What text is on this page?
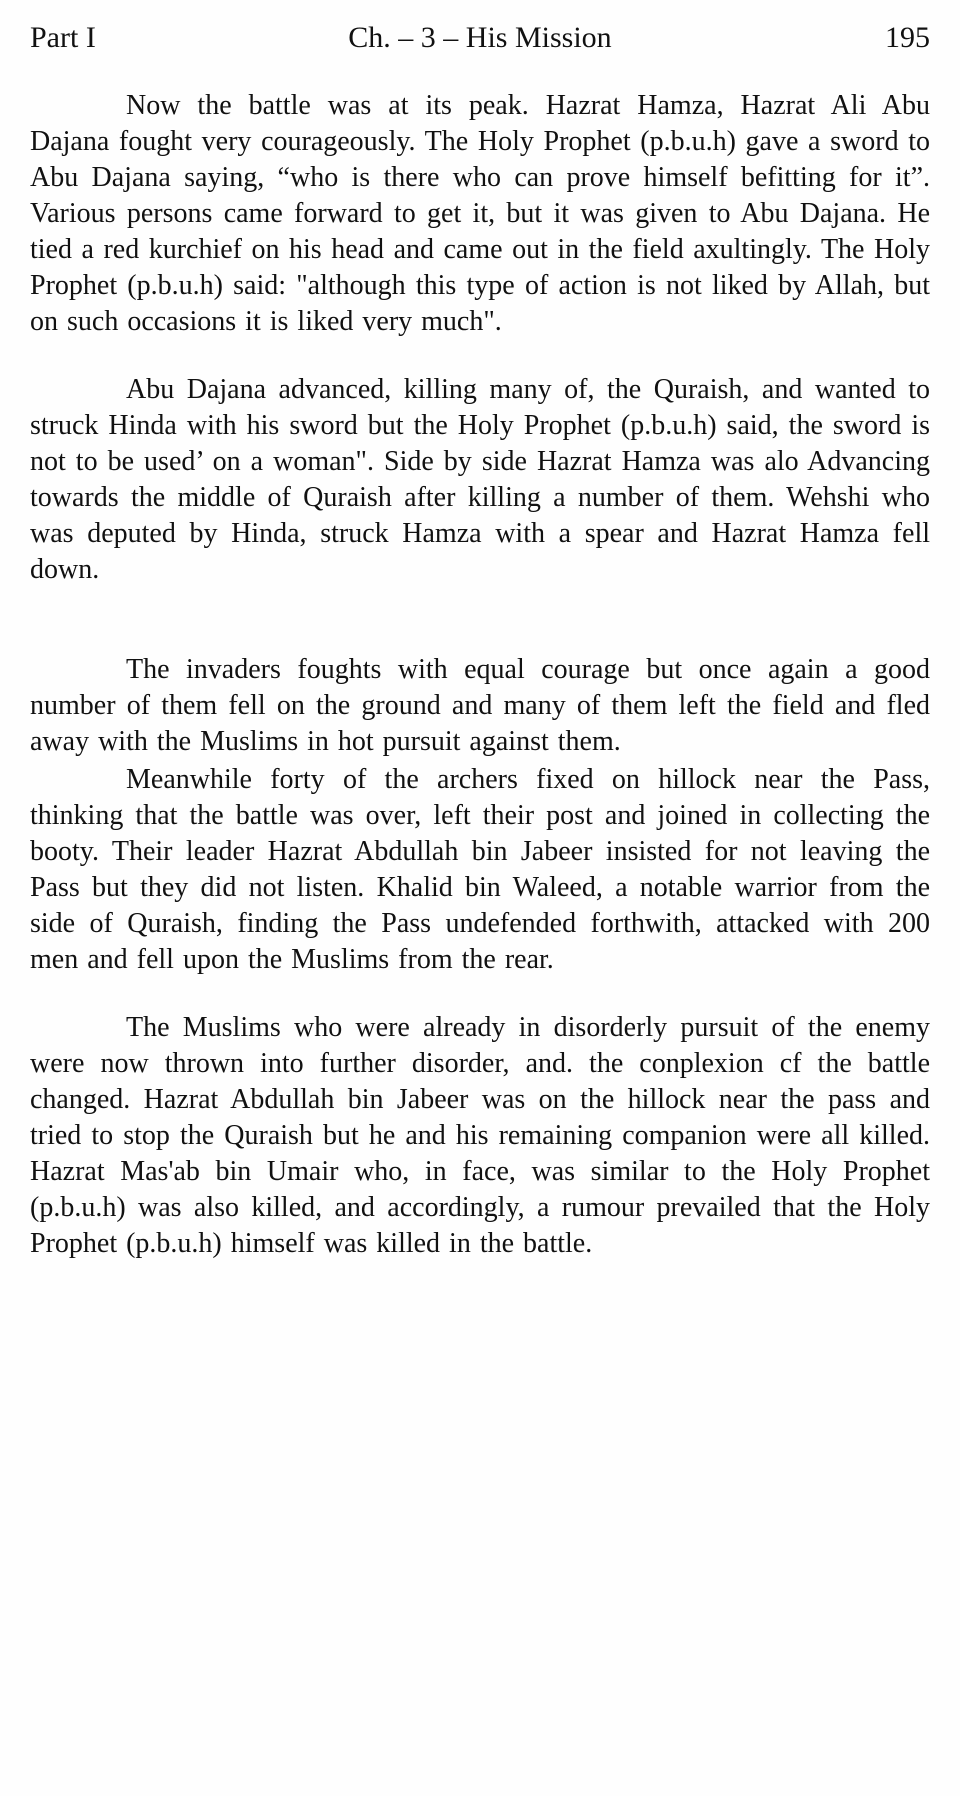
Part I	Ch. – 3 – His Mission	195

Now the battle was at its peak. Hazrat Hamza, Hazrat Ali Abu Dajana fought very courageously. The Holy Prophet (p.b.u.h) gave a sword to Abu Dajana saying, “who is there who can prove himself befitting for it”. Various persons came forward to get it, but it was given to Abu Dajana. He tied a red kurchief on his head and came out in the field axultingly. The Holy Prophet (p.b.u.h) said: "although this type of action is not liked by Allah, but on such occasions it is liked very much".

Abu Dajana advanced, killing many of, the Quraish, and wanted to struck Hinda with his sword but the Holy Prophet (p.b.u.h) said, the sword is not to be used’ on a woman". Side by side Hazrat Hamza was alo Advancing towards the middle of Quraish after killing a number of them. Wehshi who was deputed by Hinda, struck Hamza with a spear and Hazrat Hamza fell down.

The invaders foughts with equal courage but once again a good number of them fell on the ground and many of them left the field and fled away with the Muslims in hot pursuit against them.

Meanwhile forty of the archers fixed on hillock near the Pass, thinking that the battle was over, left their post and joined in collecting the booty. Their leader Hazrat Abdullah bin Jabeer insisted for not leaving the Pass but they did not listen. Khalid bin Waleed, a notable warrior from the side of Quraish, finding the Pass undefended forthwith, attacked with 200 men and fell upon the Muslims from the rear.

The Muslims who were already in disorderly pursuit of the enemy were now thrown into further disorder, and. the conplexion cf the battle changed. Hazrat Abdullah bin Jabeer was on the hillock near the pass and tried to stop the Quraish but he and his remaining companion were all killed. Hazrat Mas'ab bin Umair who, in face, was similar to the Holy Prophet (p.b.u.h) was also killed, and accordingly, a rumour prevailed that the Holy Prophet (p.b.u.h) himself was killed in the battle.
